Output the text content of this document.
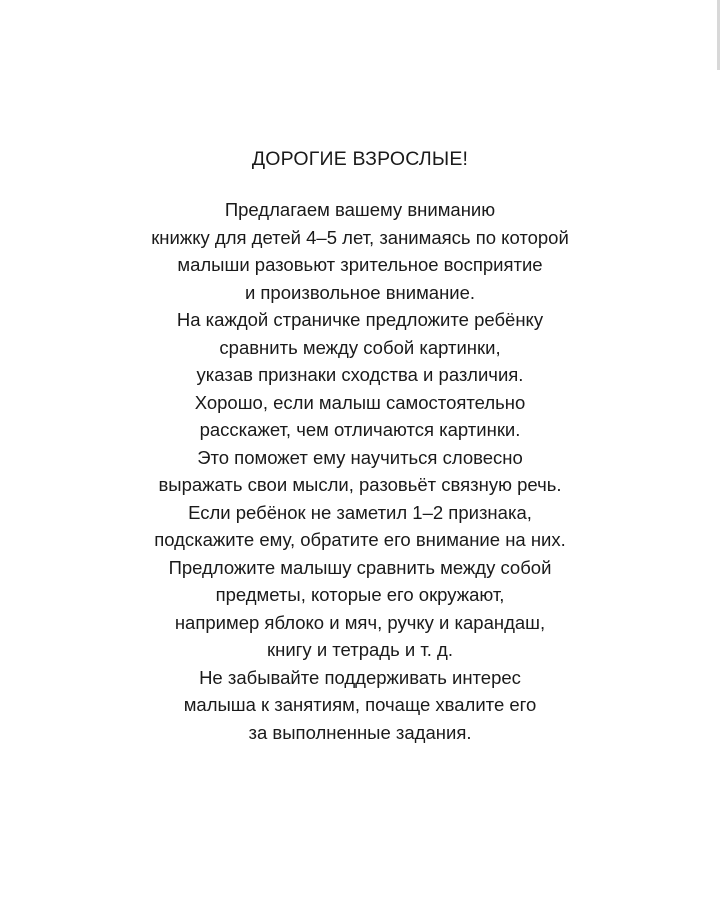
ДОРОГИЕ ВЗРОСЛЫЕ!
Предлагаем вашему вниманию
книжку для детей 4–5 лет, занимаясь по которой
малыши разовьют зрительное восприятие
и произвольное внимание.
На каждой страничке предложите ребёнку
сравнить между собой картинки,
указав признаки сходства и различия.
Хорошо, если малыш самостоятельно
расскажет, чем отличаются картинки.
Это поможет ему научиться словесно
выражать свои мысли, разовьёт связную речь.
Если ребёнок не заметил 1–2 признака,
подскажите ему, обратите его внимание на них.
Предложите малышу сравнить между собой
предметы, которые его окружают,
например яблоко и мяч, ручку и карандаш,
книгу и тетрадь и т. д.
Не забывайте поддерживать интерес
малыша к занятиям, почаще хвалите его
за выполненные задания.
